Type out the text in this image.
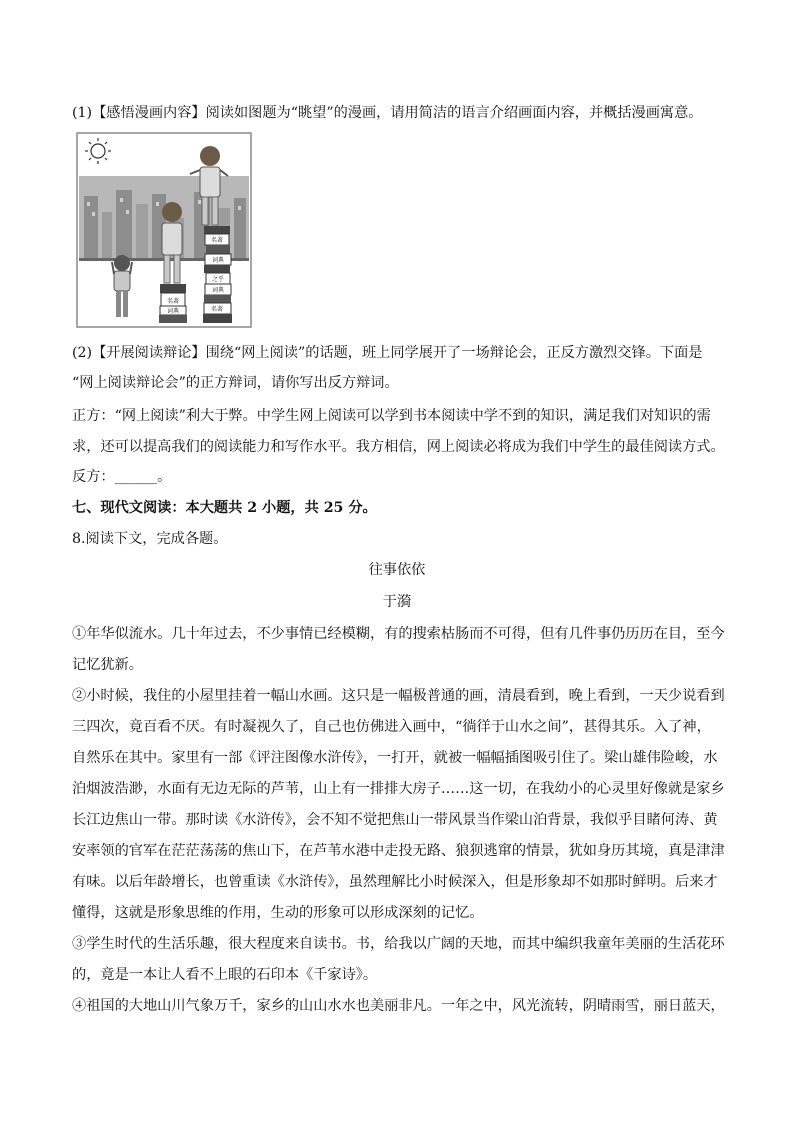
(1)【感悟漫画内容】阅读如图题为“眺望”的漫画，请用简洁的语言介绍画面内容，并概括漫画寓意。
名著
词典
名著
词典
之乎
词典
名著
(2)【开展阅读辩论】围绕“网上阅读”的话题，班上同学展开了一场辩论会，正反方激烈交锋。下面是
“网上阅读辩论会”的正方辩词，请你写出反方辩词。
正方：“网上阅读”利大于弊。中学生网上阅读可以学到书本阅读中学不到的知识，满足我们对知识的需
求，还可以提高我们的阅读能力和写作水平。我方相信，网上阅读必将成为我们中学生的最佳阅读方式。
反方：______。
七、现代文阅读：本大题共 2 小题，共 25 分。
8.阅读下文，完成各题。
往事依依
于漪
①年华似流水。几十年过去，不少事情已经模糊，有的搜索枯肠而不可得，但有几件事仍历历在目，至今
记忆犹新。
②小时候，我住的小屋里挂着一幅山水画。这只是一幅极普通的画，清晨看到，晚上看到，一天少说看到
三四次，竟百看不厌。有时凝视久了，自己也仿佛进入画中，“徜徉于山水之间”，甚得其乐。入了神，
自然乐在其中。家里有一部《评注图像水浒传》，一打开，就被一幅幅插图吸引住了。梁山雄伟险峻，水
泊烟波浩渺，水面有无边无际的芦苇，山上有一排排大房子……这一切，在我幼小的心灵里好像就是家乡
长江边焦山一带。那时读《水浒传》，会不知不觉把焦山一带风景当作梁山泊背景，我似乎目睹何涛、黄
安率领的官军在茫茫荡荡的焦山下，在芦苇水港中走投无路、狼狈逃窜的情景，犹如身历其境，真是津津
有味。以后年龄增长，也曾重读《水浒传》，虽然理解比小时候深入，但是形象却不如那时鲜明。后来才
懂得，这就是形象思维的作用，生动的形象可以形成深刻的记忆。
③学生时代的生活乐趣，很大程度来自读书。书，给我以广阔的天地，而其中编织我童年美丽的生活花环
的，竟是一本让人看不上眼的石印本《千家诗》。
④祖国的大地山川气象万千，家乡的山山水水也美丽非凡。一年之中，风光流转，阴晴雨雪，丽日蓝天，
